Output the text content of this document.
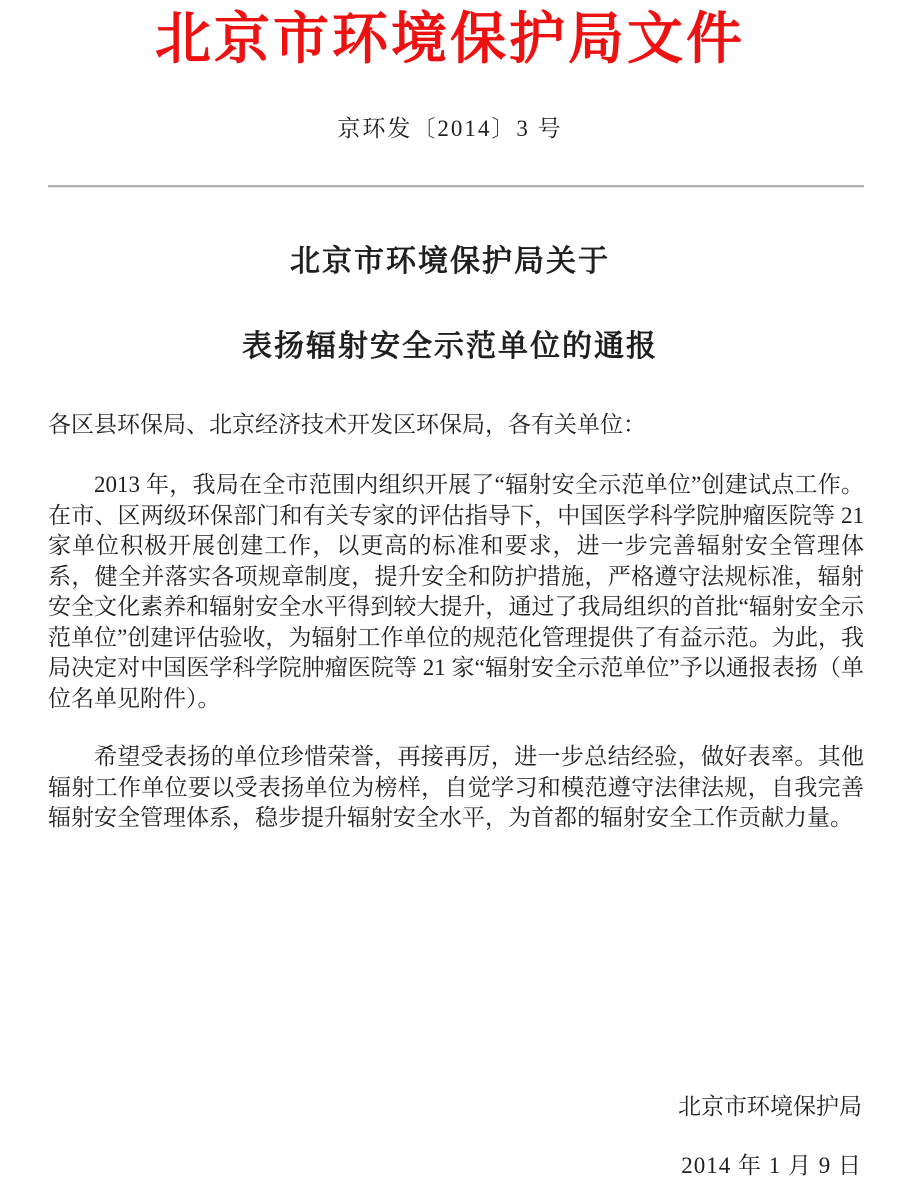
北京市环境保护局文件
京环发〔2014〕3 号
北京市环境保护局关于
表扬辐射安全示范单位的通报
各区县环保局、北京经济技术开发区环保局，各有关单位：

2013 年，我局在全市范围内组织开展了“辐射安全示范单位”创建试点工作。在市、区两级环保部门和有关专家的评估指导下，中国医学科学院肿瘤医院等 21 家单位积极开展创建工作，以更高的标准和要求，进一步完善辐射安全管理体系，健全并落实各项规章制度，提升安全和防护措施，严格遵守法规标准，辐射安全文化素养和辐射安全水平得到较大提升，通过了我局组织的首批“辐射安全示范单位”创建评估验收，为辐射工作单位的规范化管理提供了有益示范。为此，我局决定对中国医学科学院肿瘤医院等 21 家“辐射安全示范单位”予以通报表扬（单位名单见附件）。

希望受表扬的单位珍惜荣誉，再接再厉，进一步总结经验，做好表率。其他辐射工作单位要以受表扬单位为榜样，自觉学习和模范遵守法律法规，自我完善辐射安全管理体系，稳步提升辐射安全水平，为首都的辐射安全工作贡献力量。

北京市环境保护局
2014 年 1 月 9 日
